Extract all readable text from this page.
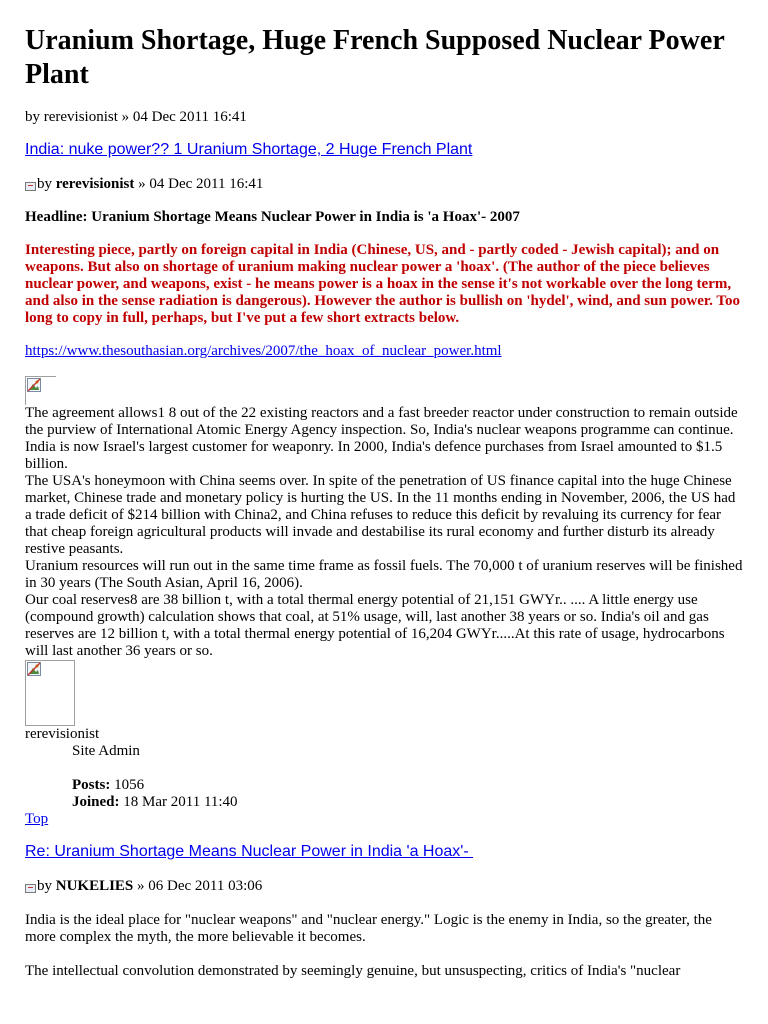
Uranium Shortage, Huge French Supposed Nuclear Power Plant
by rerevisionist » 04 Dec 2011 16:41
India: nuke power?? 1 Uranium Shortage, 2 Huge French Plant
by rerevisionist » 04 Dec 2011 16:41
Headline: Uranium Shortage Means Nuclear Power in India is 'a Hoax'- 2007
Interesting piece, partly on foreign capital in India (Chinese, US, and - partly coded - Jewish capital); and on weapons. But also on shortage of uranium making nuclear power a 'hoax'. (The author of the piece believes nuclear power, and weapons, exist - he means power is a hoax in the sense it's not workable over the long term, and also in the sense radiation is dangerous). However the author is bullish on 'hydel', wind, and sun power. Too long to copy in full, perhaps, but I've put a few short extracts below.
https://www.thesouthasian.org/archives/2007/the_hoax_of_nuclear_power.html

The agreement allows1 8 out of the 22 existing reactors and a fast breeder reactor under construction to remain outside the purview of International Atomic Energy Agency inspection. So, India's nuclear weapons programme can continue.

India is now Israel's largest customer for weaponry. In 2000, India's defence purchases from Israel amounted to $1.5 billion.

The USA's honeymoon with China seems over. In spite of the penetration of US finance capital into the huge Chinese market, Chinese trade and monetary policy is hurting the US. In the 11 months ending in November, 2006, the US had a trade deficit of $214 billion with China2, and China refuses to reduce this deficit by revaluing its currency for fear that cheap foreign agricultural products will invade and destabilise its rural economy and further disturb its already restive peasants.

Uranium resources will run out in the same time frame as fossil fuels. The 70,000 t of uranium reserves will be finished in 30 years (The South Asian, April 16, 2006).

Our coal reserves8 are 38 billion t, with a total thermal energy potential of 21,151 GWYr.. .... A little energy use (compound growth) calculation shows that coal, at 51% usage, will, last another 38 years or so. India's oil and gas reserves are 12 billion t, with a total thermal energy potential of 16,204 GWYr.....At this rate of usage, hydrocarbons will last another 36 years or so.

rerevisionist
Site Admin
Posts: 1056
Joined: 18 Mar 2011 11:40
Top
Re: Uranium Shortage Means Nuclear Power in India 'a Hoax'-
by NUKELIES » 06 Dec 2011 03:06

India is the ideal place for "nuclear weapons" and "nuclear energy." Logic is the enemy in India, so the greater, the more complex the myth, the more believable it becomes.

The intellectual convolution demonstrated by seemingly genuine, but unsuspecting, critics of India's "nuclear
